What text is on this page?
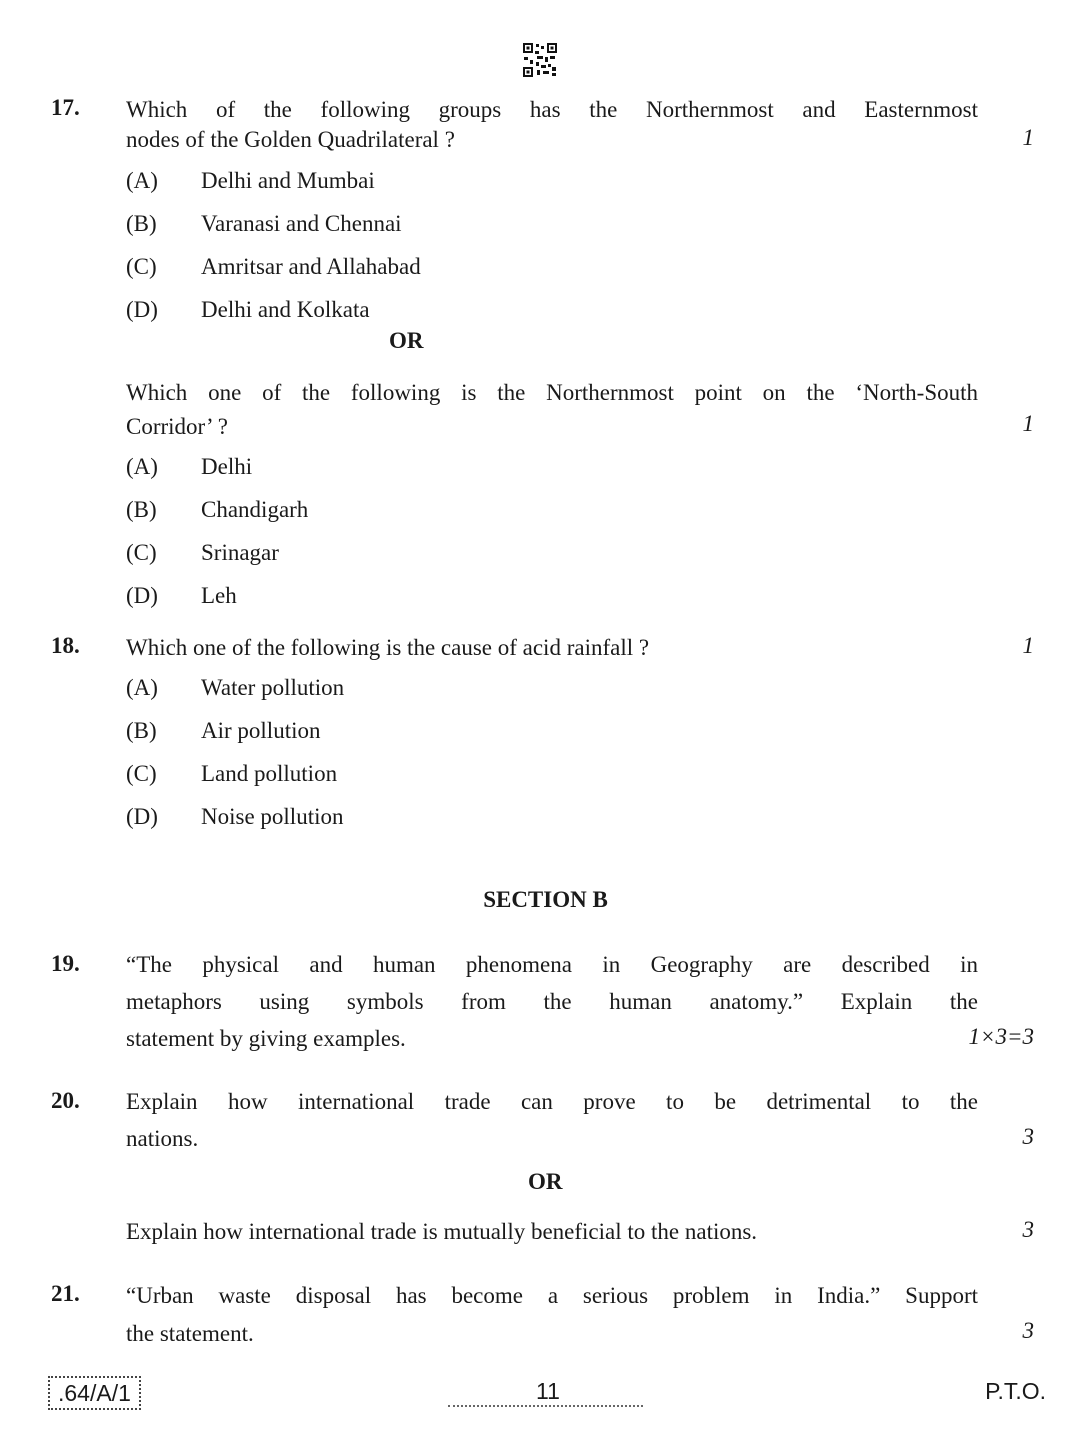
17. Which of the following groups has the Northernmost and Easternmost
nodes of the Golden Quadrilateral ?	1
(A) Delhi and Mumbai
(B) Varanasi and Chennai
(C) Amritsar and Allahabad
(D) Delhi and Kolkata
OR
Which one of the following is the Northernmost point on the ‘North-South
Corridor’ ?	1
(A) Delhi
(B) Chandigarh
(C) Srinagar
(D) Leh
18. Which one of the following is the cause of acid rainfall ?	1
(A) Water pollution
(B) Air pollution
(C) Land pollution
(D) Noise pollution
SECTION B
19. “The physical and human phenomena in Geography are described in
metaphors using symbols from the human anatomy.” Explain the
statement by giving examples.	1×3=3
20. Explain how international trade can prove to be detrimental to the
nations.	3
OR
Explain how international trade is mutually beneficial to the nations.	3
21. “Urban waste disposal has become a serious problem in India.” Support
the statement.	3
.64/A/1	11	P.T.O.
